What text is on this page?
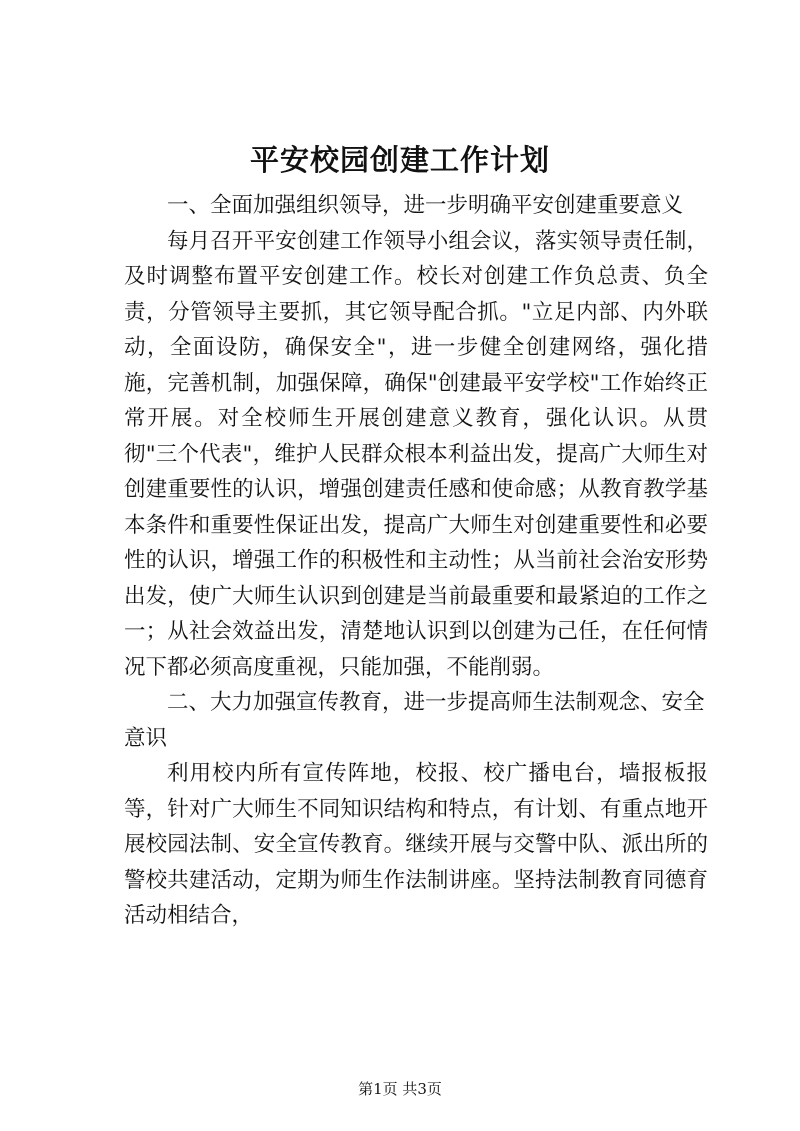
平安校园创建工作计划

一、全面加强组织领导，进一步明确平安创建重要意义

每月召开平安创建工作领导小组会议，落实领导责任制，及时调整布置平安创建工作。校长对创建工作负总责、负全责，分管领导主要抓，其它领导配合抓。"立足内部、内外联动，全面设防，确保安全"，进一步健全创建网络，强化措施，完善机制，加强保障，确保"创建最平安学校"工作始终正常开展。对全校师生开展创建意义教育，强化认识。从贯彻"三个代表"，维护人民群众根本利益出发，提高广大师生对创建重要性的认识，增强创建责任感和使命感；从教育教学基本条件和重要性保证出发，提高广大师生对创建重要性和必要性的认识，增强工作的积极性和主动性；从当前社会治安形势出发，使广大师生认识到创建是当前最重要和最紧迫的工作之一；从社会效益出发，清楚地认识到以创建为己任，在任何情况下都必须高度重视，只能加强，不能削弱。

二、大力加强宣传教育，进一步提高师生法制观念、安全意识

利用校内所有宣传阵地，校报、校广播电台，墙报板报等，针对广大师生不同知识结构和特点，有计划、有重点地开展校园法制、安全宣传教育。继续开展与交警中队、派出所的警校共建活动，定期为师生作法制讲座。坚持法制教育同德育活动相结合，

第1页 共3页
